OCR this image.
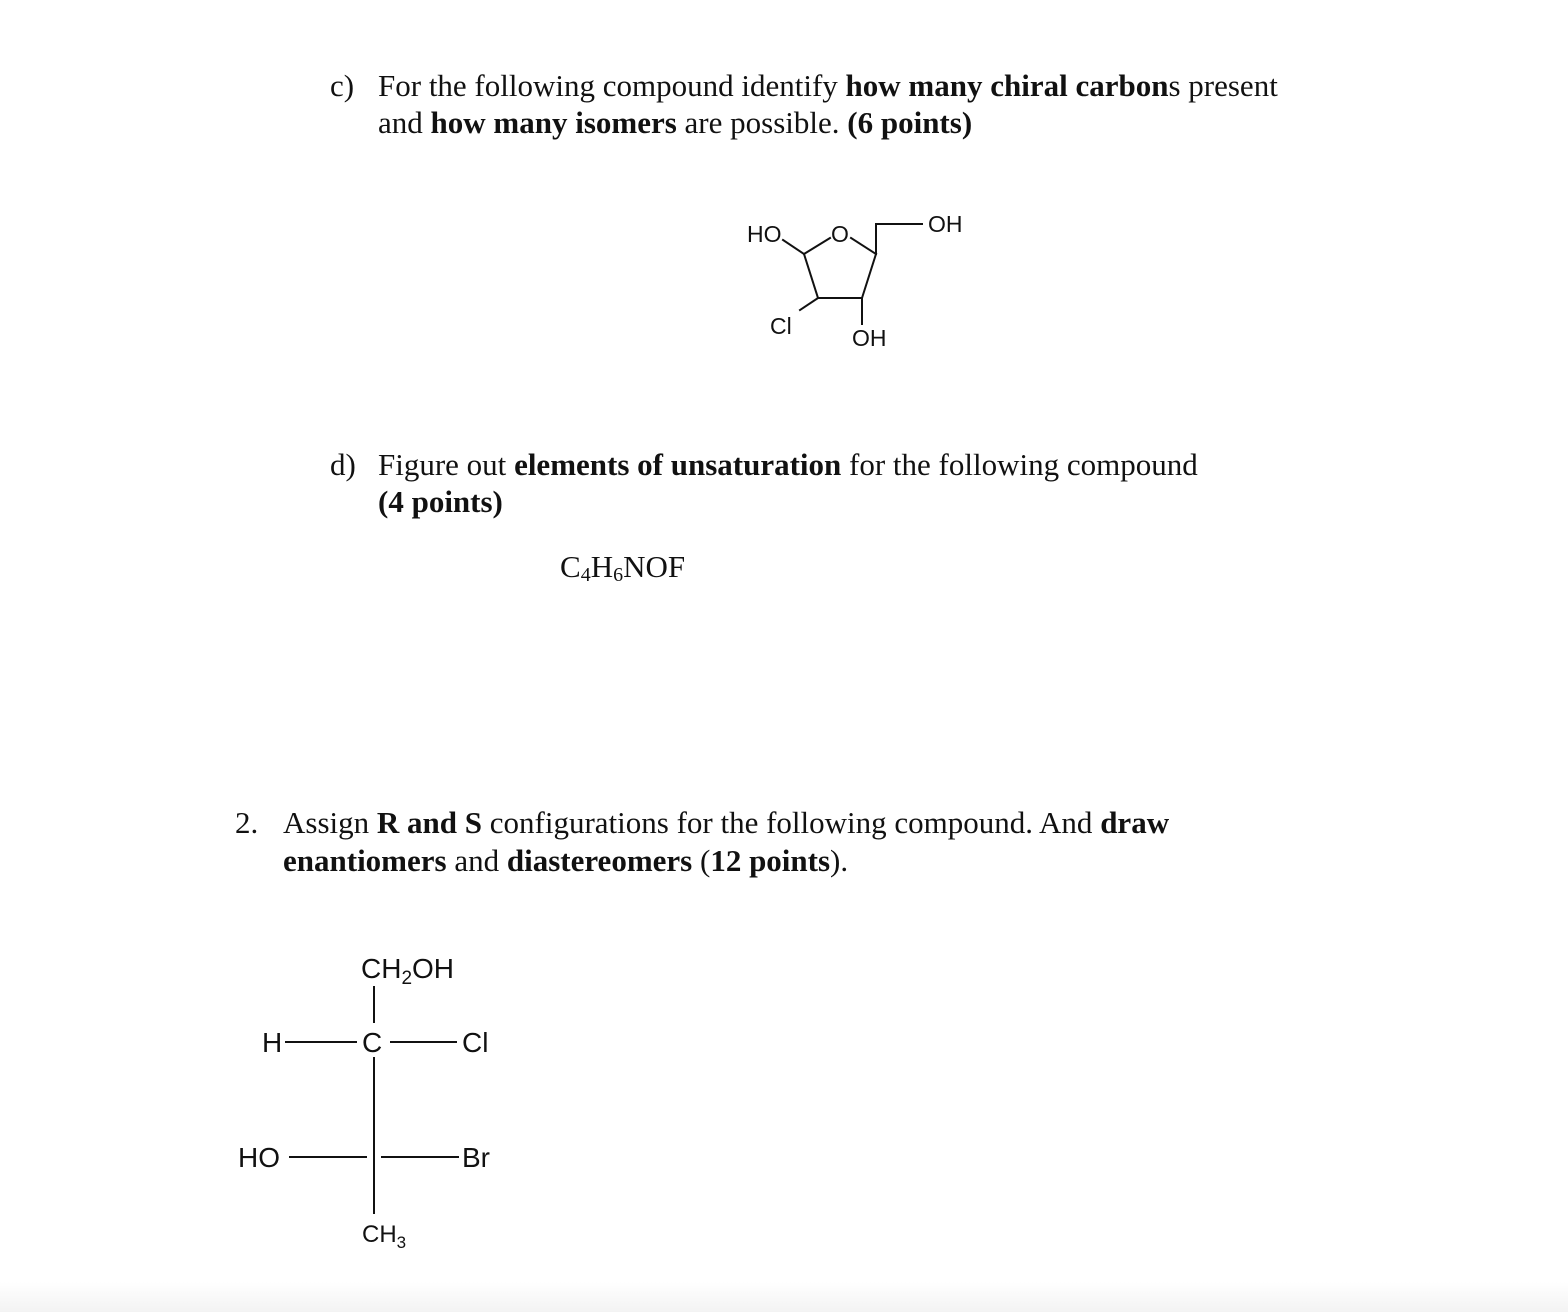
c) For the following compound identify how many chiral carbons present
and how many isomers are possible. (6 points)
HO O	OH
Cl	OH
$CH_2OH$
H	C	Cl
HO	Br
$CH_3$
d) Figure out elements of unsaturation for the following compound
(4 points)
$C_4H_6NOF$
2. Assign R and S configurations for the following compound. And draw
enantiomers and diastereomers (12 points).
